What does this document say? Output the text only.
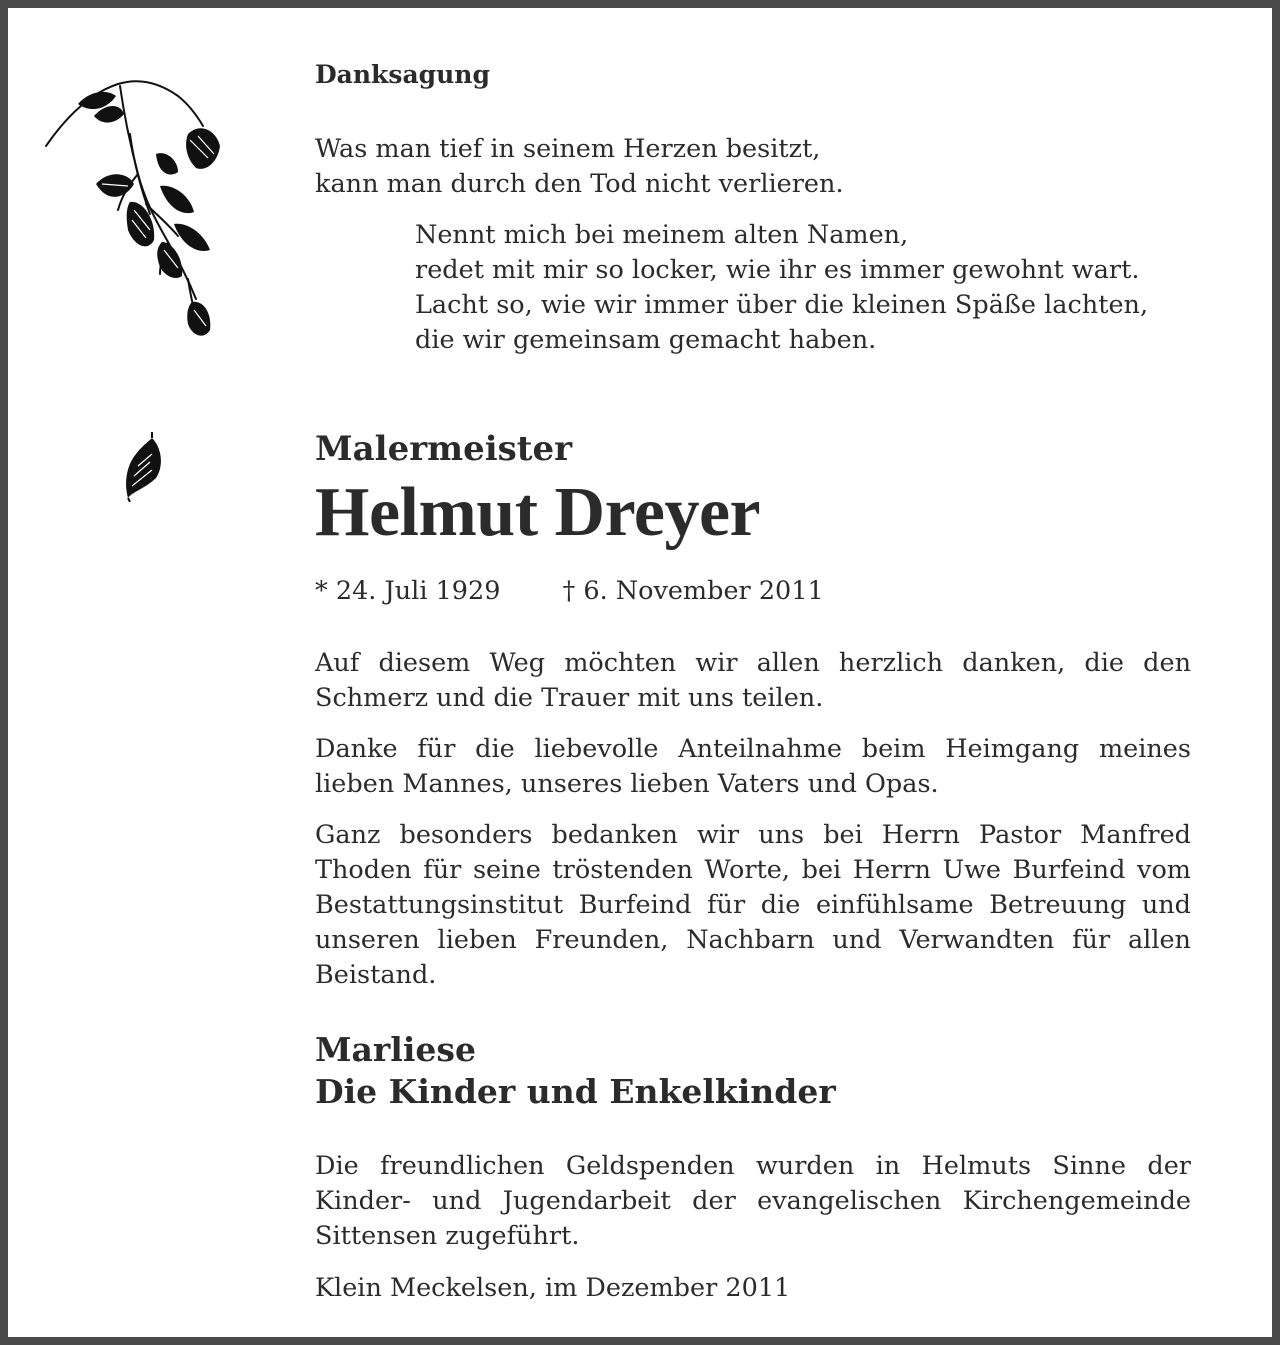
Danksagung
Was man tief in seinem Herzen besitzt,
kann man durch den Tod nicht verlieren.
Nennt mich bei meinem alten Namen,
redet mit mir so locker, wie ihr es immer gewohnt wart.
Lacht so, wie wir immer über die kleinen Späße lachten,
die wir gemeinsam gemacht haben.
Malermeister
Helmut Dreyer
* 24. Juli 1929 † 6. November 2011
Auf diesem Weg möchten wir allen herzlich danken, die den Schmerz und die Trauer mit uns teilen.
Danke für die liebevolle Anteilnahme beim Heimgang meines lieben Mannes, unseres lieben Vaters und Opas.
Ganz besonders bedanken wir uns bei Herrn Pastor Manfred Thoden für seine tröstenden Worte, bei Herrn Uwe Burfeind vom Bestattungsinstitut Burfeind für die einfühlsame Betreuung und unseren lieben Freunden, Nachbarn und Verwandten für allen Beistand.
Marliese
Die Kinder und Enkelkinder
Die freundlichen Geldspenden wurden in Helmuts Sinne der Kinder- und Jugendarbeit der evangelischen Kirchengemeinde Sittensen zugeführt.
Klein Meckelsen, im Dezember 2011
